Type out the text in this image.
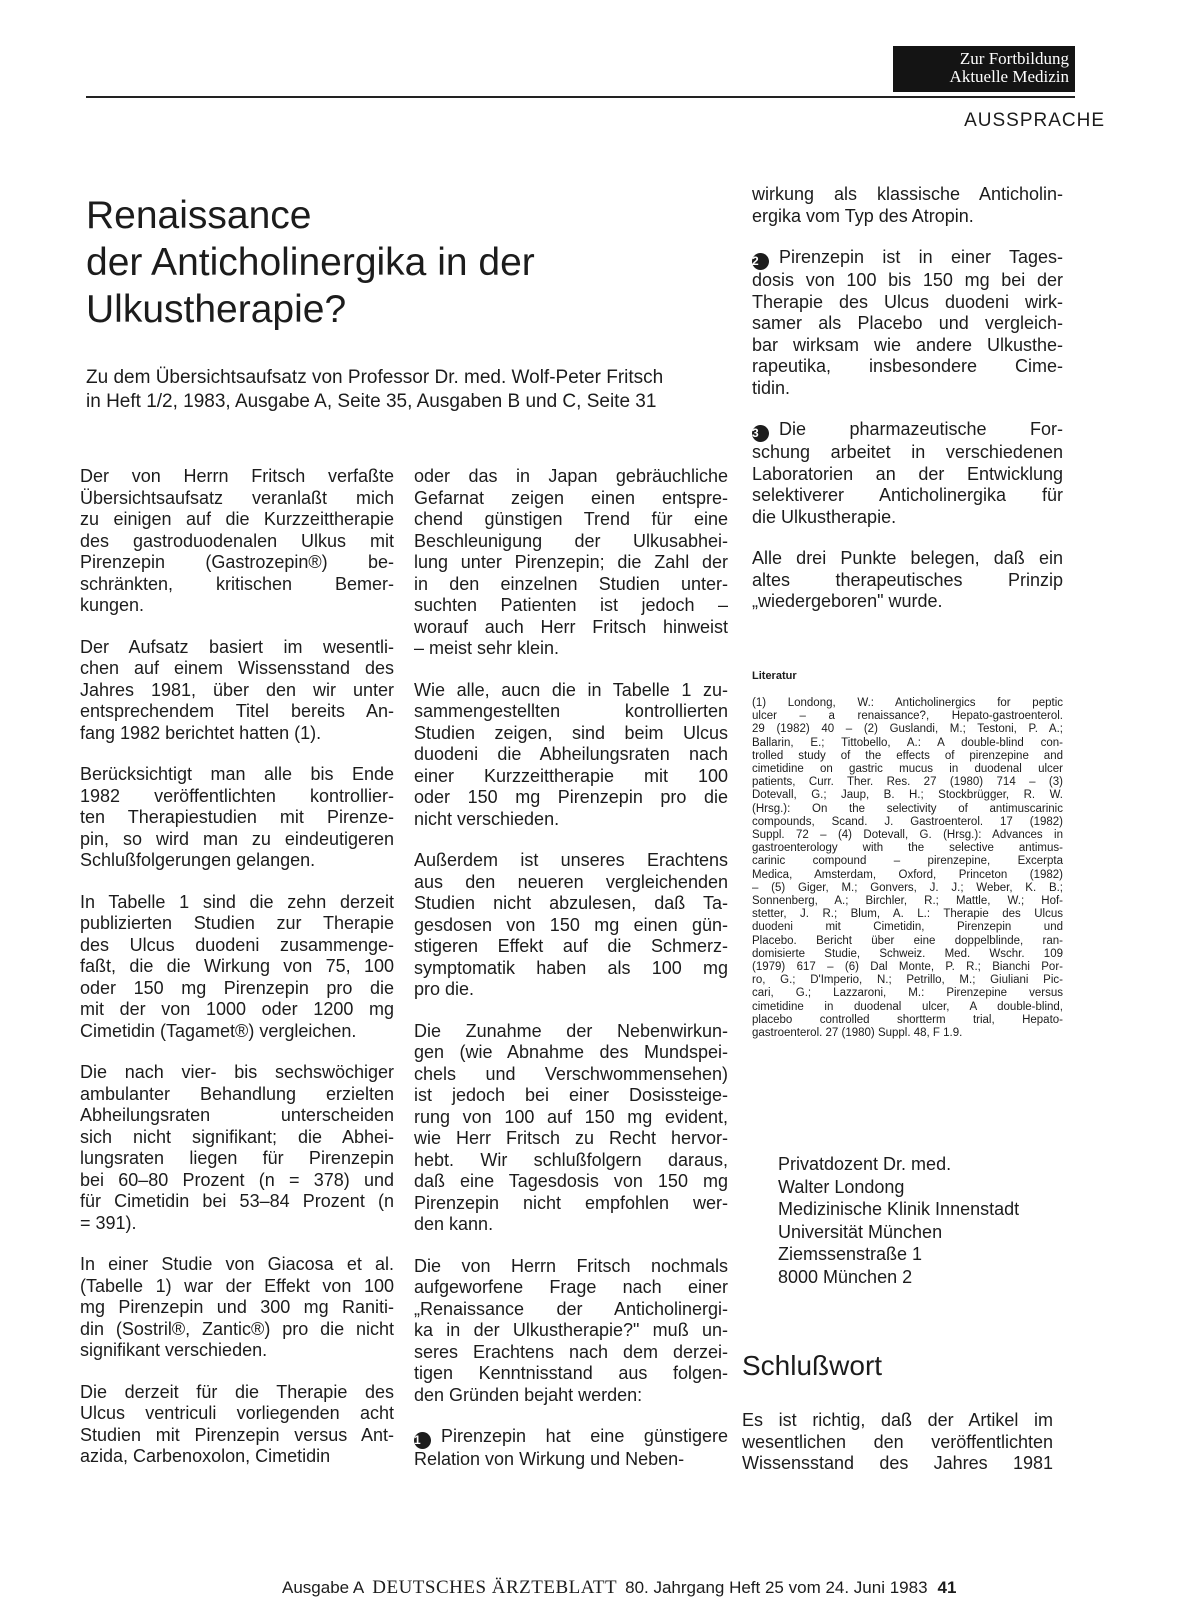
Zur Fortbildung
Aktuelle Medizin
AUSSPRACHE
Renaissance
der Anticholinergika in der
Ulkustherapie?
Zu dem Übersichtsaufsatz von Professor Dr. med. Wolf-Peter Fritsch
in Heft 1/2, 1983, Ausgabe A, Seite 35, Ausgaben B und C, Seite 31

Der von Herrn Fritsch verfaßte
Übersichtsaufsatz veranlaßt mich
zu einigen auf die Kurzzeittherapie
des gastroduodenalen Ulkus mit
Pirenzepin (Gastrozepin®) be-
schränkten, kritischen Bemer-
kungen.

Der Aufsatz basiert im wesentli-
chen auf einem Wissensstand des
Jahres 1981, über den wir unter
entsprechendem Titel bereits An-
fang 1982 berichtet hatten (1).

Berücksichtigt man alle bis Ende
1982 veröffentlichten kontrollier-
ten Therapiestudien mit Pirenze-
pin, so wird man zu eindeutigeren
Schlußfolgerungen gelangen.

In Tabelle 1 sind die zehn derzeit
publizierten Studien zur Therapie
des Ulcus duodeni zusammenge-
faßt, die die Wirkung von 75, 100
oder 150 mg Pirenzepin pro die
mit der von 1000 oder 1200 mg
Cimetidin (Tagamet®) vergleichen.

Die nach vier- bis sechswöchiger
ambulanter Behandlung erzielten
Abheilungsraten unterscheiden
sich nicht signifikant; die Abhei-
lungsraten liegen für Pirenzepin
bei 60–80 Prozent (n = 378) und
für Cimetidin bei 53–84 Prozent (n
= 391).

In einer Studie von Giacosa et al.
(Tabelle 1) war der Effekt von 100
mg Pirenzepin und 300 mg Raniti-
din (Sostril®, Zantic®) pro die nicht
signifikant verschieden.

Die derzeit für die Therapie des
Ulcus ventriculi vorliegenden acht
Studien mit Pirenzepin versus Ant-
azida, Carbenoxolon, Cimetidin

oder das in Japan gebräuchliche
Gefarnat zeigen einen entspre-
chend günstigen Trend für eine
Beschleunigung der Ulkusabhei-
lung unter Pirenzepin; die Zahl der
in den einzelnen Studien unter-
suchten Patienten ist jedoch –
worauf auch Herr Fritsch hinweist
– meist sehr klein.

Wie alle, aucn die in Tabelle 1 zu-
sammengestellten kontrollierten
Studien zeigen, sind beim Ulcus
duodeni die Abheilungsraten nach
einer Kurzzeittherapie mit 100
oder 150 mg Pirenzepin pro die
nicht verschieden.

Außerdem ist unseres Erachtens
aus den neueren vergleichenden
Studien nicht abzulesen, daß Ta-
gesdosen von 150 mg einen gün-
stigeren Effekt auf die Schmerz-
symptomatik haben als 100 mg
pro die.

Die Zunahme der Nebenwirkun-
gen (wie Abnahme des Mundspei-
chels und Verschwommensehen)
ist jedoch bei einer Dosissteige-
rung von 100 auf 150 mg evident,
wie Herr Fritsch zu Recht hervor-
hebt. Wir schlußfolgern daraus,
daß eine Tagesdosis von 150 mg
Pirenzepin nicht empfohlen wer-
den kann.

Die von Herrn Fritsch nochmals
aufgeworfene Frage nach einer
„Renaissance der Anticholinergi-
ka in der Ulkustherapie?" muß un-
seres Erachtens nach dem derzei-
tigen Kenntnisstand aus folgen-
den Gründen bejaht werden:

1 Pirenzepin hat eine günstigere
Relation von Wirkung und Neben-

wirkung als klassische Anticholin-
ergika vom Typ des Atropin.

2 Pirenzepin ist in einer Tages-
dosis von 100 bis 150 mg bei der
Therapie des Ulcus duodeni wirk-
samer als Placebo und vergleich-
bar wirksam wie andere Ulkusthe-
rapeutika, insbesondere Cime-
tidin.

3 Die pharmazeutische For-
schung arbeitet in verschiedenen
Laboratorien an der Entwicklung
selektiverer Anticholinergika für
die Ulkustherapie.

Alle drei Punkte belegen, daß ein
altes therapeutisches Prinzip
„wiedergeboren" wurde.

Literatur
(1) Londong, W.: Anticholinergics for peptic
ulcer – a renaissance?, Hepato-gastroenterol.
29 (1982) 40 – (2) Guslandi, M.; Testoni, P. A.;
Ballarin, E.; Tittobello, A.: A double-blind con-
trolled study of the effects of pirenzepine and
cimetidine on gastric mucus in duodenal ulcer
patients, Curr. Ther. Res. 27 (1980) 714 – (3)
Dotevall, G.; Jaup, B. H.; Stockbrügger, R. W.
(Hrsg.): On the selectivity of antimuscarinic
compounds, Scand. J. Gastroenterol. 17 (1982)
Suppl. 72 – (4) Dotevall, G. (Hrsg.): Advances in
gastroenterology with the selective antimus-
carinic compound – pirenzepine, Excerpta
Medica, Amsterdam, Oxford, Princeton (1982)
– (5) Giger, M.; Gonvers, J. J.; Weber, K. B.;
Sonnenberg, A.; Birchler, R.; Mattle, W.; Hof-
stetter, J. R.; Blum, A. L.: Therapie des Ulcus
duodeni mit Cimetidin, Pirenzepin und
Placebo. Bericht über eine doppelblinde, ran-
domisierte Studie, Schweiz. Med. Wschr. 109
(1979) 617 – (6) Dal Monte, P. R.; Bianchi Por-
ro, G.; D'Imperio, N.; Petrillo, M.; Giuliani Pic-
cari, G.; Lazzaroni, M.: Pirenzepine versus
cimetidine in duodenal ulcer, A double-blind,
placebo controlled shortterm trial, Hepato-
gastroenterol. 27 (1980) Suppl. 48, F 1.9.
Privatdozent Dr. med.
Walter Londong
Medizinische Klinik Innenstadt
Universität München
Ziemssenstraße 1
8000 München 2
Schlußwort
Es ist richtig, daß der Artikel im
wesentlichen den veröffentlichten
Wissensstand des Jahres 1981
Ausgabe A DEUTSCHES ÄRZTEBLATT 80. Jahrgang Heft 25 vom 24. Juni 1983 41
